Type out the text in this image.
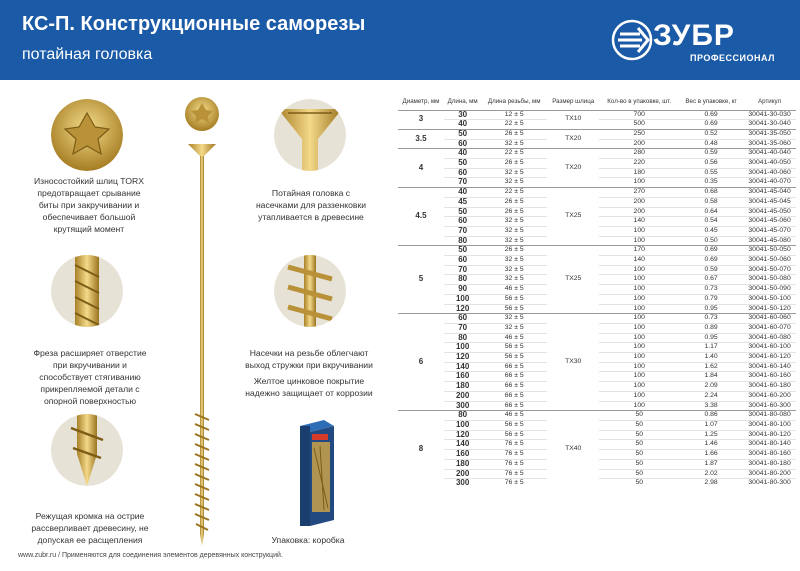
КС-П. Конструкционные саморезы
потайная головка
ЗУБР
ПРОФЕССИОНАЛ
Износостойкий шлиц TORX предотвращает срывание биты при закручивании и обеспечивает большой крутящий момент
Потайная головка с насечками для раззенковки утапливается в древесине
Фреза расширяет отверстие при вкручивании и способствует стягиванию прикрепляемой детали с опорной поверхностью
Насечки на резьбе облегчают выход стружки при вкручивании
Желтое цинковое покрытие надежно защищает от коррозии
Режущая кромка на острие рассверливает древесину, не допуская ее расщепления	Упаковка: коробка
www.zubr.ru / Применяются для соединения элементов деревянных конструкций.
Диаметр, мм	Длина, мм	Длина резьбы, мм	Размер шлица	Кол-во в упаковке, шт.	Вес в упаковке, кг	Артикул
3	30	12 ± 5	TX10	700	0.69	30041-30-030
	40	22 ± 5		500	0.69	30041-30-040
3.5	50	26 ± 5	TX20	250	0.52	30041-35-050
	60	32 ± 5		200	0.48	30041-35-060
4	40	22 ± 5	TX20	280	0.59	30041-40-040
	50	26 ± 5		220	0.56	30041-40-050
	60	32 ± 5		180	0.55	30041-40-060
	70	32 ± 5		100	0.35	30041-40-070
4.5	40	22 ± 5	TX25	270	0.68	30041-45-040
	45	26 ± 5		200	0.58	30041-45-045
	50	26 ± 5		200	0.64	30041-45-050
	60	32 ± 5		140	0.54	30041-45-060
	70	32 ± 5		100	0.45	30041-45-070
	80	32 ± 5		100	0.50	30041-45-080
5	50	26 ± 5	TX25	170	0.69	30041-50-050
	60	32 ± 5		140	0.69	30041-50-060
	70	32 ± 5		100	0.59	30041-50-070
	80	32 ± 5		100	0.67	30041-50-080
	90	46 ± 5		100	0.73	30041-50-090
	100	56 ± 5		100	0.79	30041-50-100
	120	56 ± 5		100	0.95	30041-50-120
6	60	32 ± 5	TX30	100	0.73	30041-60-060
	70	32 ± 5		100	0.89	30041-60-070
	80	46 ± 5		100	0.95	30041-60-080
	100	56 ± 5		100	1.17	30041-60-100
	120	56 ± 5		100	1.40	30041-60-120
	140	66 ± 5		100	1.62	30041-60-140
	160	66 ± 5		100	1.84	30041-60-160
	180	66 ± 5		100	2.09	30041-60-180
	200	66 ± 5		100	2.24	30041-60-200
	300	66 ± 5		100	3.38	30041-60-300
8	80	46 ± 5	TX40	50	0.86	30041-80-080
	100	56 ± 5		50	1.07	30041-80-100
	120	56 ± 5		50	1.25	30041-80-120
	140	76 ± 5		50	1.46	30041-80-140
	160	76 ± 5		50	1.66	30041-80-160
	180	76 ± 5		50	1.87	30041-80-180
	200	76 ± 5		50	2.02	30041-80-200
	300	76 ± 5		50	2.98	30041-80-300
